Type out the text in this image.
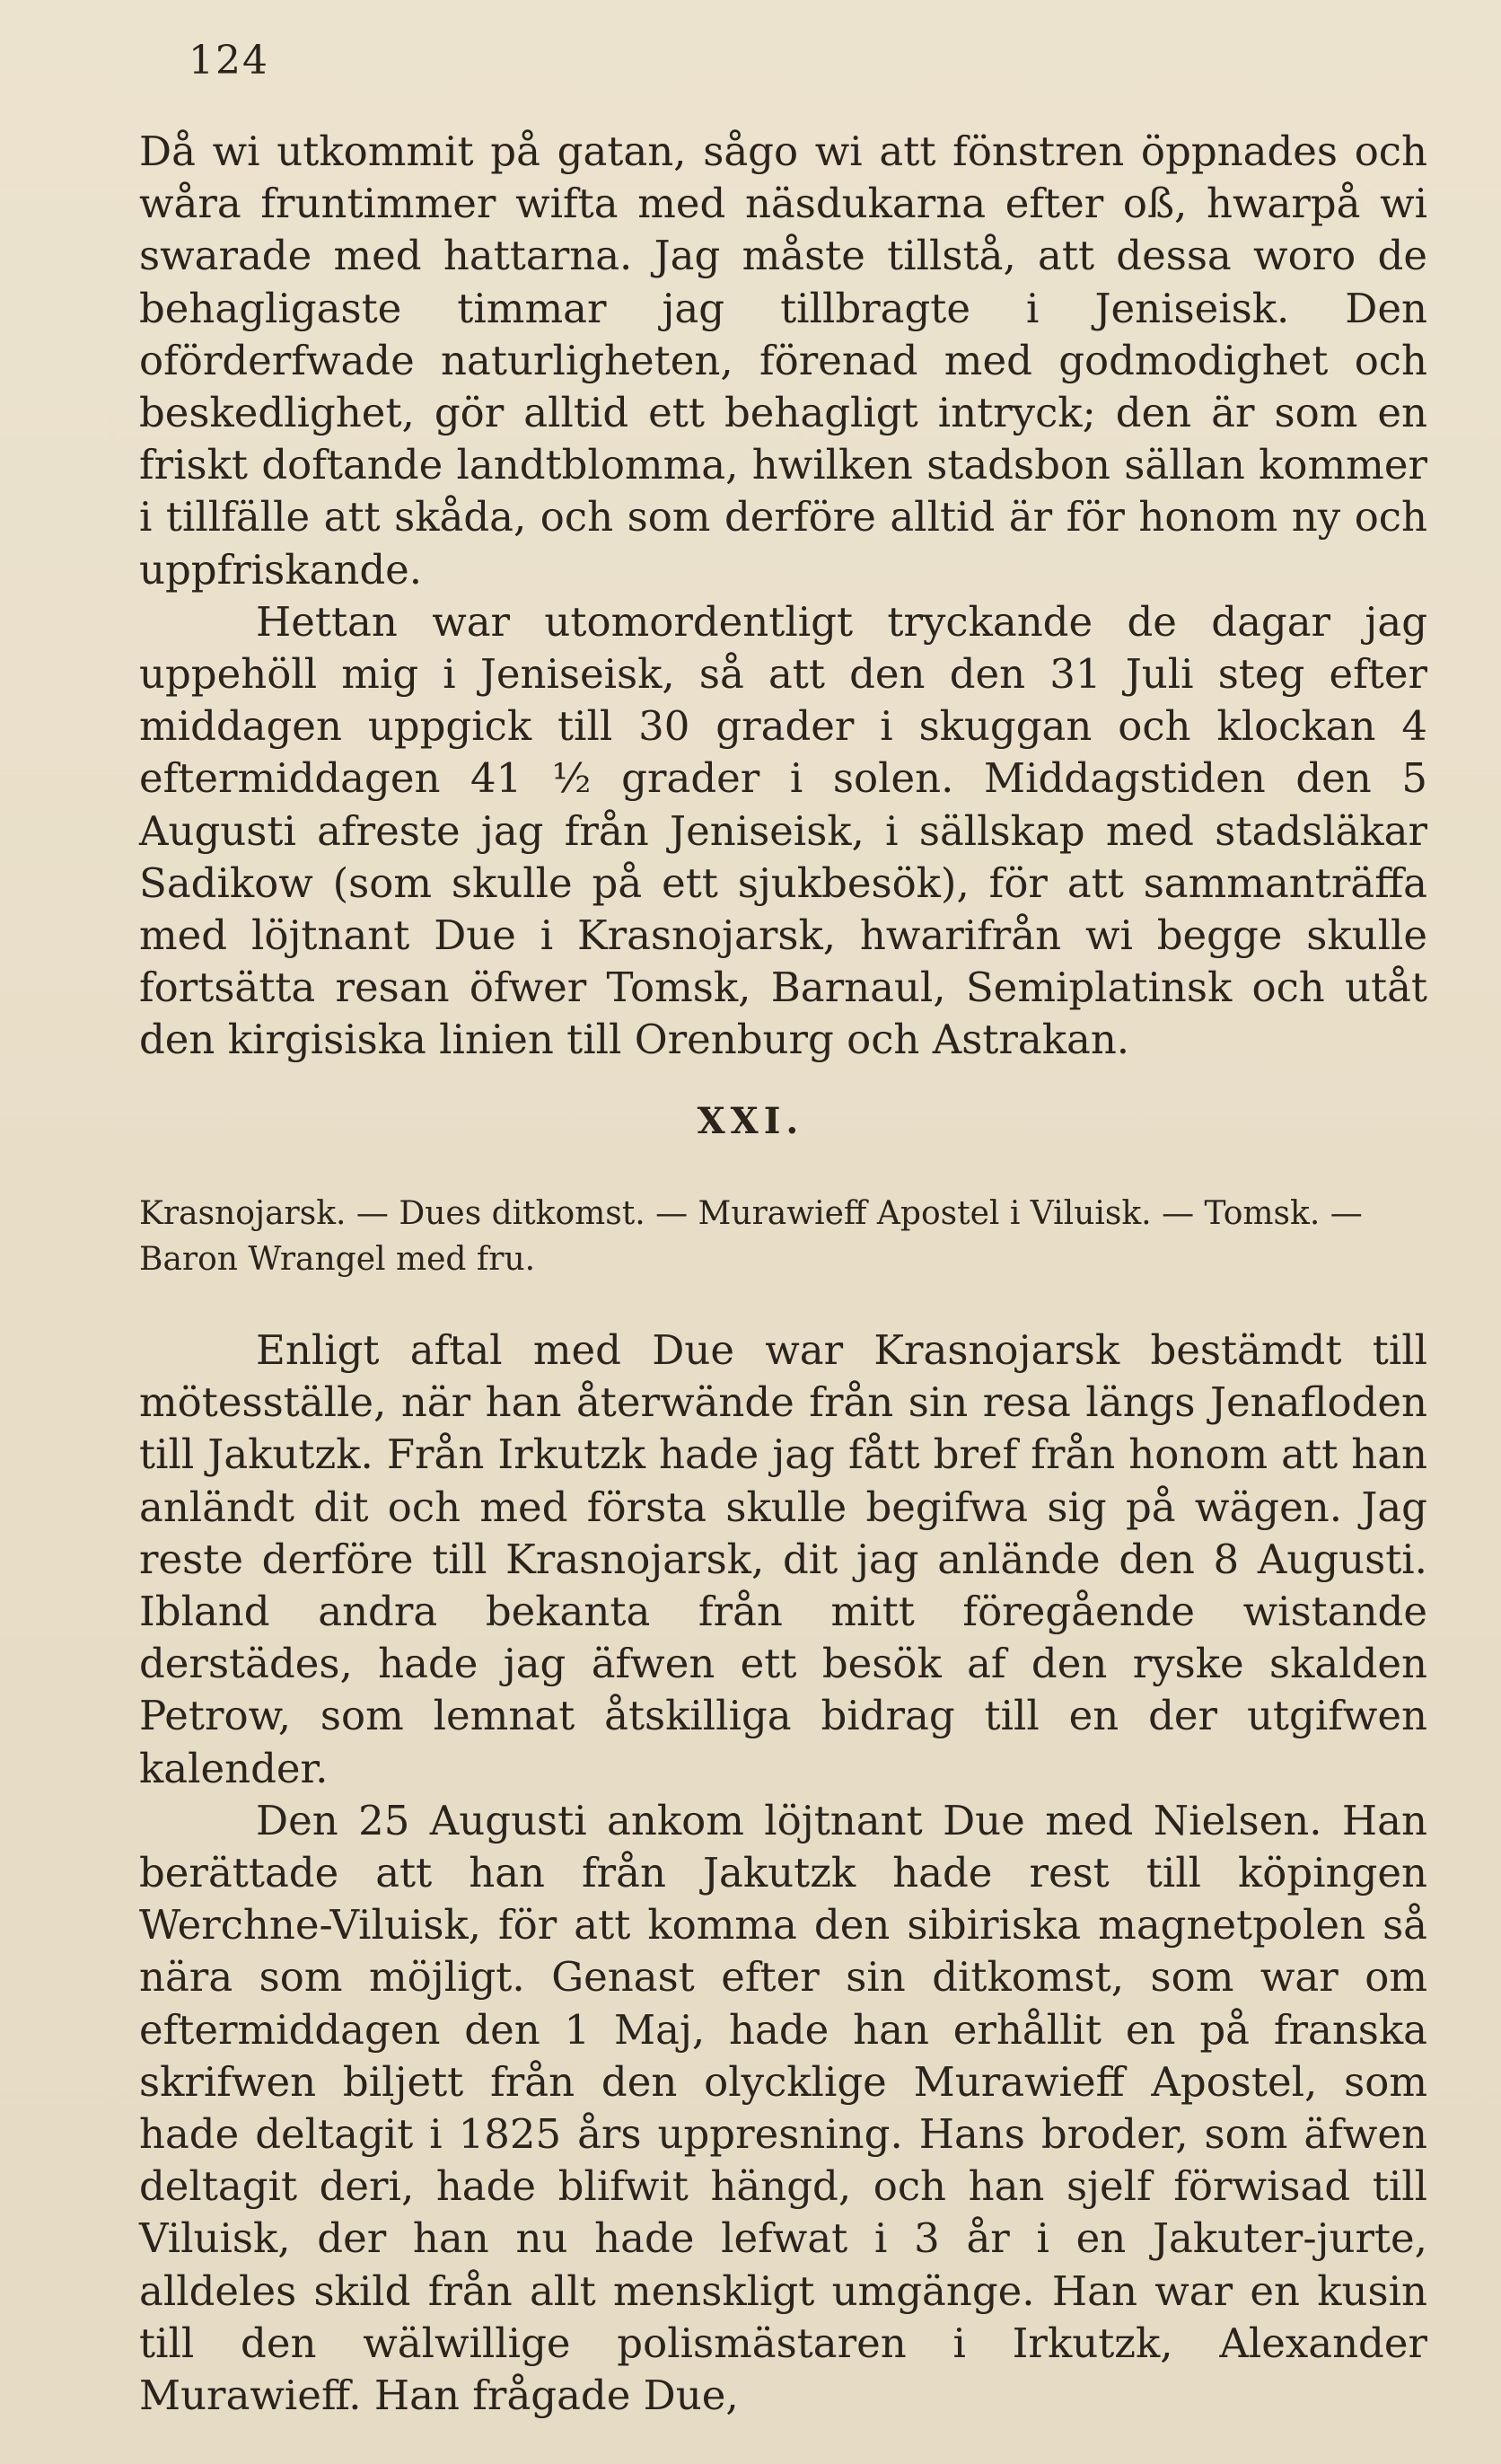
124

Då wi utkommit på gatan, sågo wi att fönstren öppnades och wåra fruntimmer wifta med näsdukarna efter oß, hwarpå wi swarade med hattarna. Jag måste tillstå, att dessa woro de behagligaste timmar jag tillbragte i Jeniseisk. Den oförderfwade naturligheten, förenad med godmodighet och beskedlighet, gör alltid ett behagligt intryck; den är som en friskt doftande landtblomma, hwilken stadsbon sällan kommer i tillfälle att skåda, och som derföre alltid är för honom ny och uppfriskande.

Hettan war utomordentligt tryckande de dagar jag uppehöll mig i Jeniseisk, så att den den 31 Juli steg efter middagen uppgick till 30 grader i skuggan och klockan 4 eftermiddagen 41 ½ grader i solen. Middagstiden den 5 Augusti afreste jag från Jeniseisk, i sällskap med stadsläkar Sadikow (som skulle på ett sjukbesök), för att sammanträffa med löjtnant Due i Krasnojarsk, hwarifrån wi begge skulle fortsätta resan öfwer Tomsk, Barnaul, Semiplatinsk och utåt den kirgisiska linien till Orenburg och Astrakan.

XXI.
Krasnojarsk. — Dues ditkomst. — Murawieff Apostel i Viluisk. — Tomsk. — Baron Wrangel med fru.

Enligt aftal med Due war Krasnojarsk bestämdt till mötesställe, när han återwände från sin resa längs Jenafloden till Jakutzk. Från Irkutzk hade jag fått bref från honom att han anländt dit och med första skulle begifwa sig på wägen. Jag reste derföre till Krasnojarsk, dit jag anlände den 8 Augusti. Ibland andra bekanta från mitt föregående wistande derstädes, hade jag äfwen ett besök af den ryske skalden Petrow, som lemnat åtskilliga bidrag till en der utgifwen kalender.

Den 25 Augusti ankom löjtnant Due med Nielsen. Han berättade att han från Jakutzk hade rest till köpingen Werchne-Viluisk, för att komma den sibiriska magnetpolen så nära som möjligt. Genast efter sin ditkomst, som war om eftermiddagen den 1 Maj, hade han erhållit en på franska skrifwen biljett från den olycklige Murawieff Apostel, som hade deltagit i 1825 års uppresning. Hans broder, som äfwen deltagit deri, hade blifwit hängd, och han sjelf förwisad till Viluisk, der han nu hade lefwat i 3 år i en Jakuter-jurte, alldeles skild från allt menskligt umgänge. Han war en kusin till den wälwillige polismästaren i Irkutzk, Alexander Murawieff. Han frågade Due,
